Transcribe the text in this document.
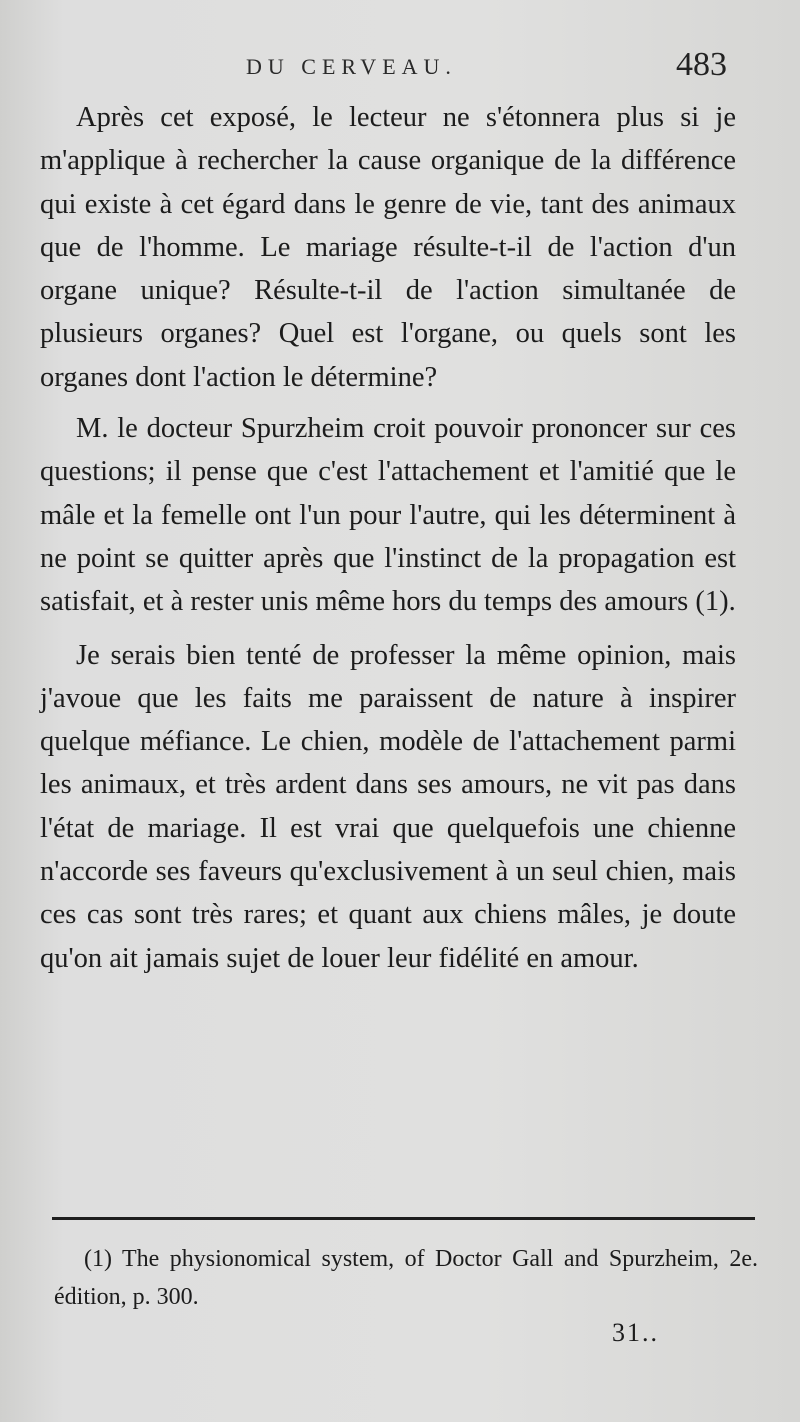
DU CERVEAU.	483

Après cet exposé, le lecteur ne s'étonnera plus si je m'applique à rechercher la cause organique de la différence qui existe à cet égard dans le genre de vie, tant des animaux que de l'homme. Le mariage résulte-t-il de l'action d'un organe unique? Résulte-t-il de l'action simultanée de plusieurs organes? Quel est l'organe, ou quels sont les organes dont l'action le détermine?

M. le docteur Spurzheim croit pouvoir prononcer sur ces questions; il pense que c'est l'attachement et l'amitié que le mâle et la femelle ont l'un pour l'autre, qui les déterminent à ne point se quitter après que l'instinct de la propagation est satisfait, et à rester unis même hors du temps des amours (1).

Je serais bien tenté de professer la même opinion, mais j'avoue que les faits me paraissent de nature à inspirer quelque méfiance. Le chien, modèle de l'attachement parmi les animaux, et très ardent dans ses amours, ne vit pas dans l'état de mariage. Il est vrai que quelquefois une chienne n'accorde ses faveurs qu'exclusivement à un seul chien, mais ces cas sont très rares; et quant aux chiens mâles, je doute qu'on ait jamais sujet de louer leur fidélité en amour.

(1) The physionomical system, of Doctor Gall and Spurzheim, 2e. édition, p. 300.
31..
